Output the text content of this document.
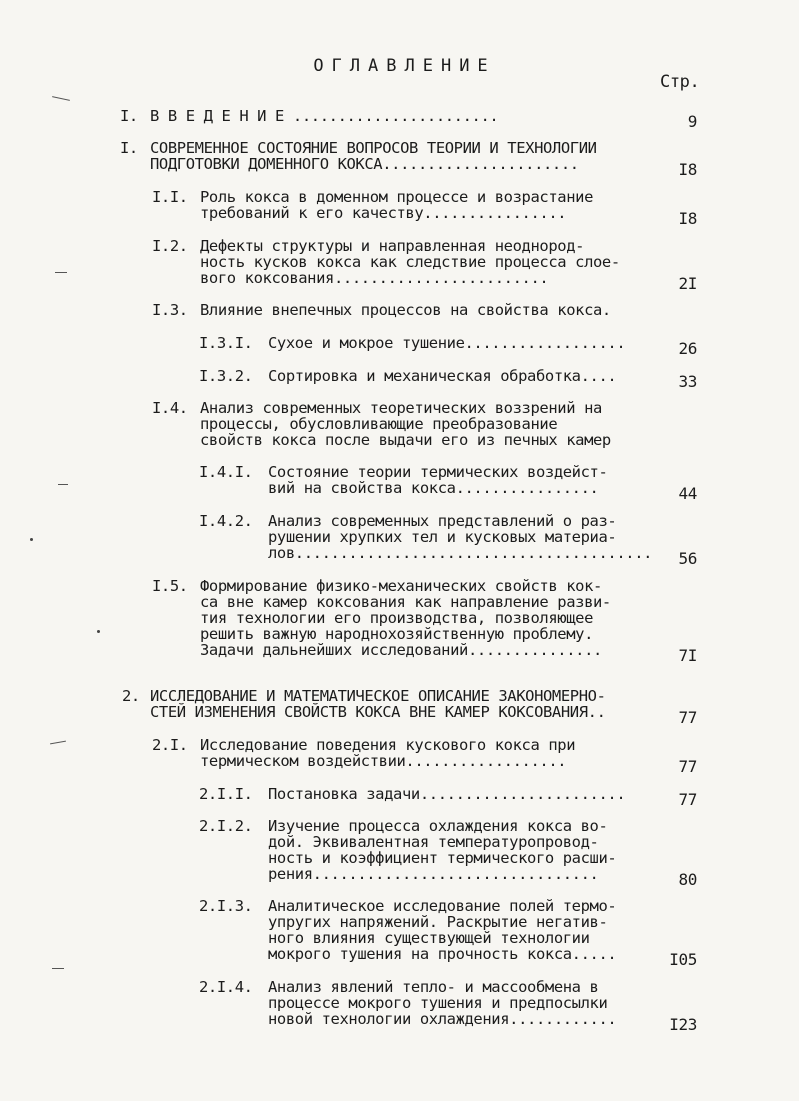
ОГЛАВЛЕНИЕ
Стр.
I. В В Е Д Е Н И Е .......................	9
I. СОВРЕМЕННОЕ СОСТОЯНИЕ ВОПРОСОВ ТЕОРИИ И ТЕХНОЛОГИИ
ПОДГОТОВКИ ДОМЕННОГО КОКСА......................	I8
I.I. Роль кокса в доменном процессе и возрастание
требований к его качеству................	I8
I.2. Дефекты структуры и направленная неоднород-
ность кусков кокса как следствие процесса слое-
вого коксования........................	2I
I.3. Влияние внепечных процессов на свойства кокса.
I.3.I. Сухое и мокрое тушение..................	26
I.3.2. Сортировка и механическая обработка....	33
I.4. Анализ современных теоретических воззрений на
процессы, обусловливающие преобразование
свойств кокса после выдачи его из печных камер
I.4.I. Состояние теории термических воздейст-
вий на свойства кокса................	44
I.4.2. Анализ современных представлений о раз-
рушении хрупких тел и кусковых материа-
лов........................................ 56
I.5. Формирование физико-механических свойств кок-
са вне камер коксования как направление разви-
тия технологии его производства, позволяющее
решить важную народнохозяйственную проблему.
Задачи дальнейших исследований...............	7I
2. ИССЛЕДОВАНИЕ И МАТЕМАТИЧЕСКОЕ ОПИСАНИЕ ЗАКОНОМЕРНО-
СТЕЙ ИЗМЕНЕНИЯ СВОЙСТВ КОКСА ВНЕ КАМЕР КОКСОВАНИЯ..	77
2.I. Исследование поведения кускового кокса при
термическом воздействии..................	77
2.I.I. Постановка задачи.......................	77
2.I.2. Изучение процесса охлаждения кокса во-
дой. Эквивалентная температуропровод-
ность и коэффициент термического расши-
рения................................	80
2.I.3. Аналитическое исследование полей термо-
упругих напряжений. Раскрытие негатив-
ного влияния существующей технологии
мокрого тушения на прочность кокса.....	I05
2.I.4. Анализ явлений тепло- и массообмена в
процессе мокрого тушения и предпосылки
новой технологии охлаждения............	I23
